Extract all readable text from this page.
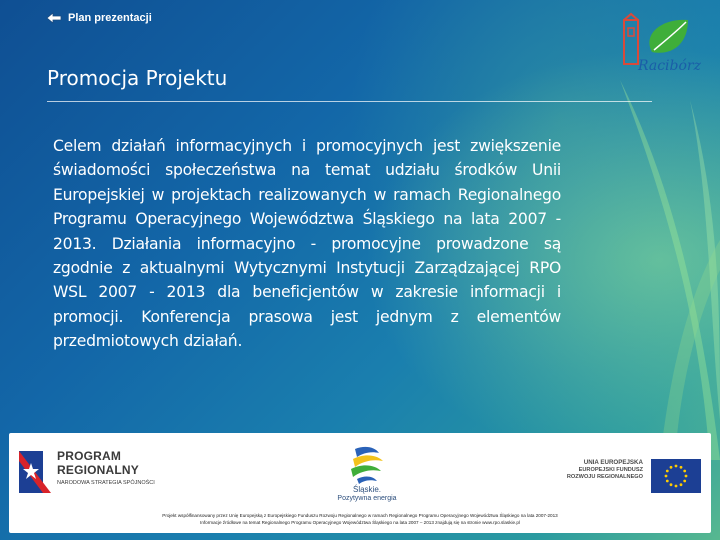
Plan prezentacji
Racibórz
Promocja Projektu
Celem działań informacyjnych i promocyjnych jest zwiększenie świadomości społeczeństwa na temat udziału środków Unii Europejskiej w projektach realizowanych w ramach Regionalnego Programu Operacyjnego Województwa Śląskiego na lata 2007 - 2013. Działania informacyjno - promocyjne prowadzone są zgodnie z aktualnymi Wytycznymi Instytucji Zarządzającej RPO WSL 2007 - 2013 dla beneficjentów w zakresie informacji i promocji. Konferencja prasowa jest jednym z elementów przedmiotowych działań.
PROGRAM
REGIONALNY
NARODOWA STRATEGIA SPÓJNOŚCI
Śląskie.
Pozytywna energia
UNIA EUROPEJSKA
EUROPEJSKI FUNDUSZ
ROZWOJU REGIONALNEGO
Projekt współfinansowany przez Unię Europejską z Europejskiego Funduszu Rozwoju Regionalnego w ramach Regionalnego Programu Operacyjnego Województwa Śląskiego na lata 2007-2013
Informacje źródłowe na temat Regionalnego Programu Operacyjnego Województwa Śląskiego na lata 2007 – 2013 znajdują się na stronie www.rpo.slaskie.pl
